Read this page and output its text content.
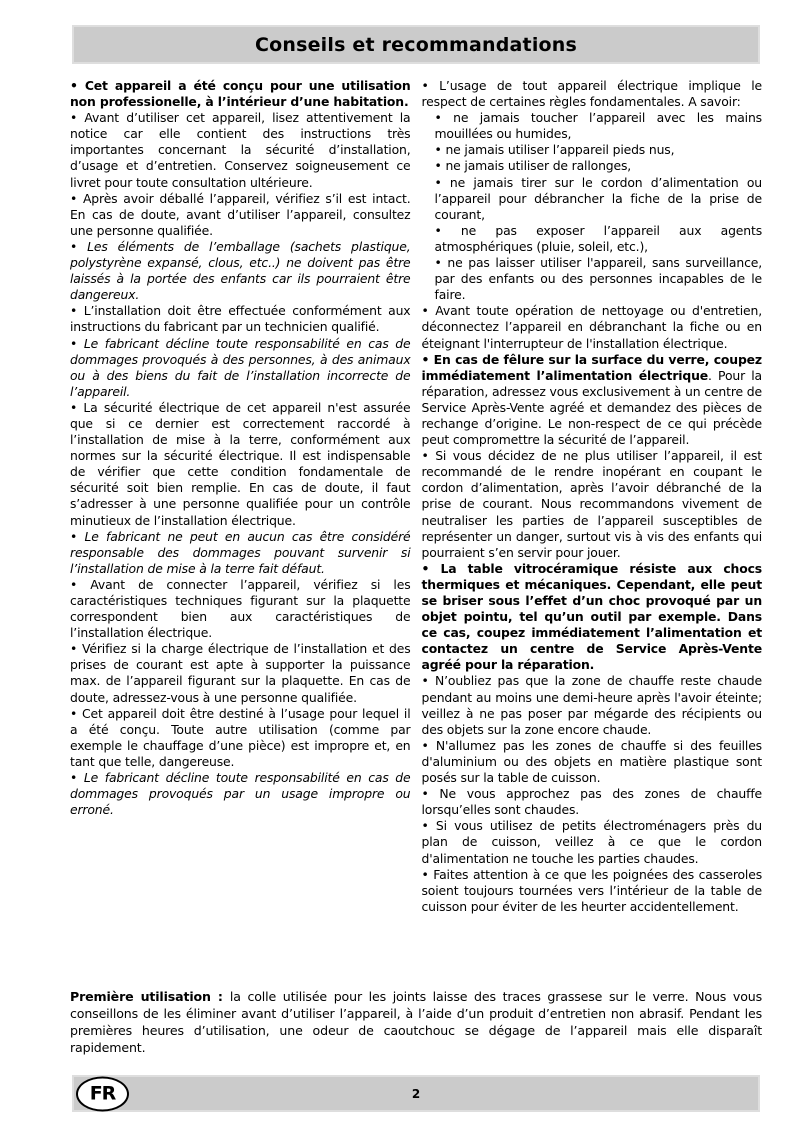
Conseils et recommandations

• Cet appareil a été conçu pour une utilisation non professionelle, à l’intérieur d’une habitation.

• Avant d’utiliser cet appareil, lisez attentivement la notice car elle contient des instructions très importantes concernant la sécurité d’installation, d’usage et d’entretien. Conservez soigneusement ce livret pour toute consultation ultérieure.

• Après avoir déballé l’appareil, vérifiez s’il est intact. En cas de doute, avant d’utiliser l’appareil, consultez une personne qualifiée.

• Les éléments de l’emballage (sachets plastique, polystyrène expansé, clous, etc..) ne doivent pas être laissés à la portée des enfants car ils pourraient être dangereux.

• L’installation doit être effectuée conformément aux instructions du fabricant par un technicien qualifié.

• Le fabricant décline toute responsabilité en cas de dommages provoqués à des personnes, à des animaux ou à des biens du fait de l’installation incorrecte de l’appareil.

• La sécurité électrique de cet appareil n'est assurée que si ce dernier est correctement raccordé à l’installation de mise à la terre, conformément aux normes sur la sécurité électrique. Il est indispensable de vérifier que cette condition fondamentale de sécurité soit bien remplie. En cas de doute, il faut s’adresser à une personne qualifiée pour un contrôle minutieux de l’installation électrique.

• Le fabricant ne peut en aucun cas être considéré responsable des dommages pouvant survenir si l’installation de mise à la terre fait défaut.

• Avant de connecter l’appareil, vérifiez si les caractéristiques techniques figurant sur la plaquette correspondent bien aux caractéristiques de l’installation électrique.

• Vérifiez si la charge électrique de l’installation et des prises de courant est apte à supporter la puissance max. de l’appareil figurant sur la plaquette. En cas de doute, adressez-vous à une personne qualifiée.

• Cet appareil doit être destiné à l’usage pour lequel il a été conçu. Toute autre utilisation (comme par exemple le chauffage d’une pièce) est impropre et, en tant que telle, dangereuse.

• Le fabricant décline toute responsabilité en cas de dommages provoqués par un usage impropre ou erroné.

• L’usage de tout appareil électrique implique le respect de certaines règles fondamentales. A savoir:

• ne jamais toucher l’appareil avec les mains mouillées ou humides,

• ne jamais utiliser l’appareil pieds nus,

• ne jamais utiliser de rallonges,

• ne jamais tirer sur le cordon d’alimentation ou l’appareil pour débrancher la fiche de la prise de courant,

• ne pas exposer l’appareil aux agents atmosphériques (pluie, soleil, etc.),

• ne pas laisser utiliser l'appareil, sans surveillance, par des enfants ou des personnes incapables de le faire.

• Avant toute opération de nettoyage ou d'entretien, déconnectez l’appareil en débranchant la fiche ou en éteignant l'interrupteur de l'installation électrique.

• En cas de fêlure sur la surface du verre, coupez immédiatement l’alimentation électrique. Pour la réparation, adressez vous exclusivement à un centre de Service Après-Vente agréé et demandez des pièces de rechange d’origine. Le non-respect de ce qui précède peut compromettre la sécurité de l’appareil.

• Si vous décidez de ne plus utiliser l’appareil, il est recommandé de le rendre inopérant en coupant le cordon d’alimentation, après l’avoir débranché de la prise de courant. Nous recommandons vivement de neutraliser les parties de l’appareil susceptibles de représenter un danger, surtout vis à vis des enfants qui pourraient s’en servir pour jouer.

• La table vitrocéramique résiste aux chocs thermiques et mécaniques. Cependant, elle peut se briser sous l’effet d’un choc provoqué par un objet pointu, tel qu’un outil par exemple. Dans ce cas, coupez immédiatement l’alimentation et contactez un centre de Service Après-Vente agréé pour la réparation.

• N’oubliez pas que la zone de chauffe reste chaude pendant au moins une demi-heure après l'avoir éteinte; veillez à ne pas poser par mégarde des récipients ou des objets sur la zone encore chaude.

• N'allumez pas les zones de chauffe si des feuilles d'aluminium ou des objets en matière plastique sont posés sur la table de cuisson.

• Ne vous approchez pas des zones de chauffe lorsqu’elles sont chaudes.

• Si vous utilisez de petits électroménagers près du plan de cuisson, veillez à ce que le cordon d'alimentation ne touche les parties chaudes.

• Faites attention à ce que les poignées des casseroles soient toujours tournées vers l’intérieur de la table de cuisson pour éviter de les heurter accidentellement.

Première utilisation : la colle utilisée pour les joints laisse des traces grassese sur le verre. Nous vous conseillons de les éliminer avant d’utiliser l’appareil, à l’aide d’un produit d’entretien non abrasif. Pendant les premières heures d’utilisation, une odeur de caoutchouc se dégage de l’appareil mais elle disparaît rapidement.

FR	2
